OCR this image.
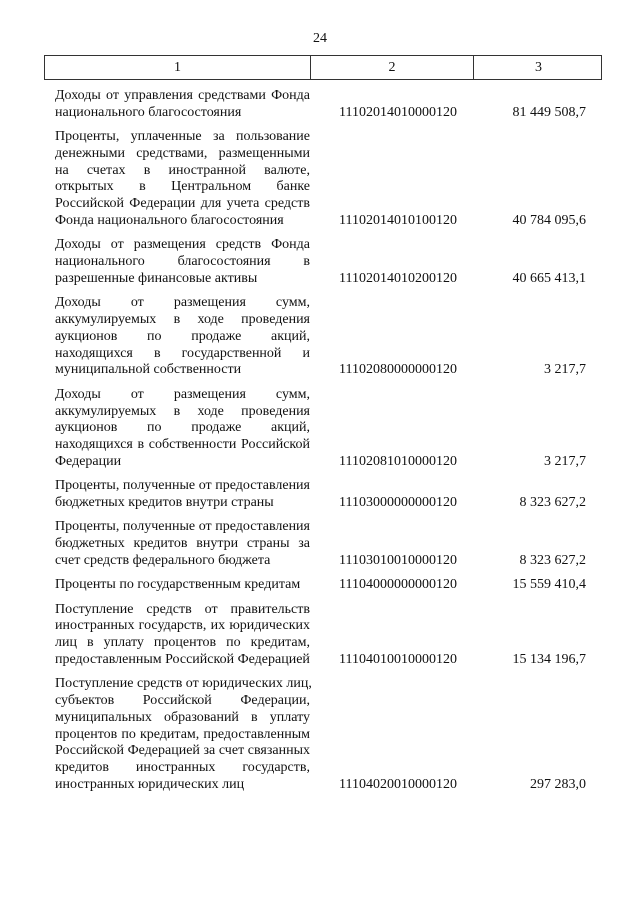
24
1	2	3
Доходы от управления средствами Фонда
национального благосостояния	11102014010000120	81 449 508,7
Проценты, уплаченные за пользование
денежными средствами, размещенными
на счетах в иностранной валюте,
открытых в Центральном банке
Российской Федерации для учета средств
Фонда национального благосостояния	11102014010100120	40 784 095,6
Доходы от размещения средств Фонда
национального благосостояния в
разрешенные финансовые активы	11102014010200120	40 665 413,1
Доходы от размещения сумм,
аккумулируемых в ходе проведения
аукционов по продаже акций,
находящихся в государственной и
муниципальной собственности	11102080000000120	3 217,7
Доходы от размещения сумм,
аккумулируемых в ходе проведения
аукционов по продаже акций,
находящихся в собственности Российской
Федерации	11102081010000120	3 217,7
Проценты, полученные от предоставления
бюджетных кредитов внутри страны	11103000000000120	8 323 627,2
Проценты, полученные от предоставления
бюджетных кредитов внутри страны за
счет средств федерального бюджета	11103010010000120	8 323 627,2
Проценты по государственным кредитам	11104000000000120	15 559 410,4
Поступление средств от правительств
иностранных государств, их юридических
лиц в уплату процентов по кредитам,
предоставленным Российской Федерацией	11104010010000120	15 134 196,7
Поступление средств от юридических лиц,
субъектов Российской Федерации,
муниципальных образований в уплату
процентов по кредитам, предоставленным
Российской Федерацией за счет связанных
кредитов иностранных государств,
иностранных юридических лиц	11104020010000120	297 283,0
